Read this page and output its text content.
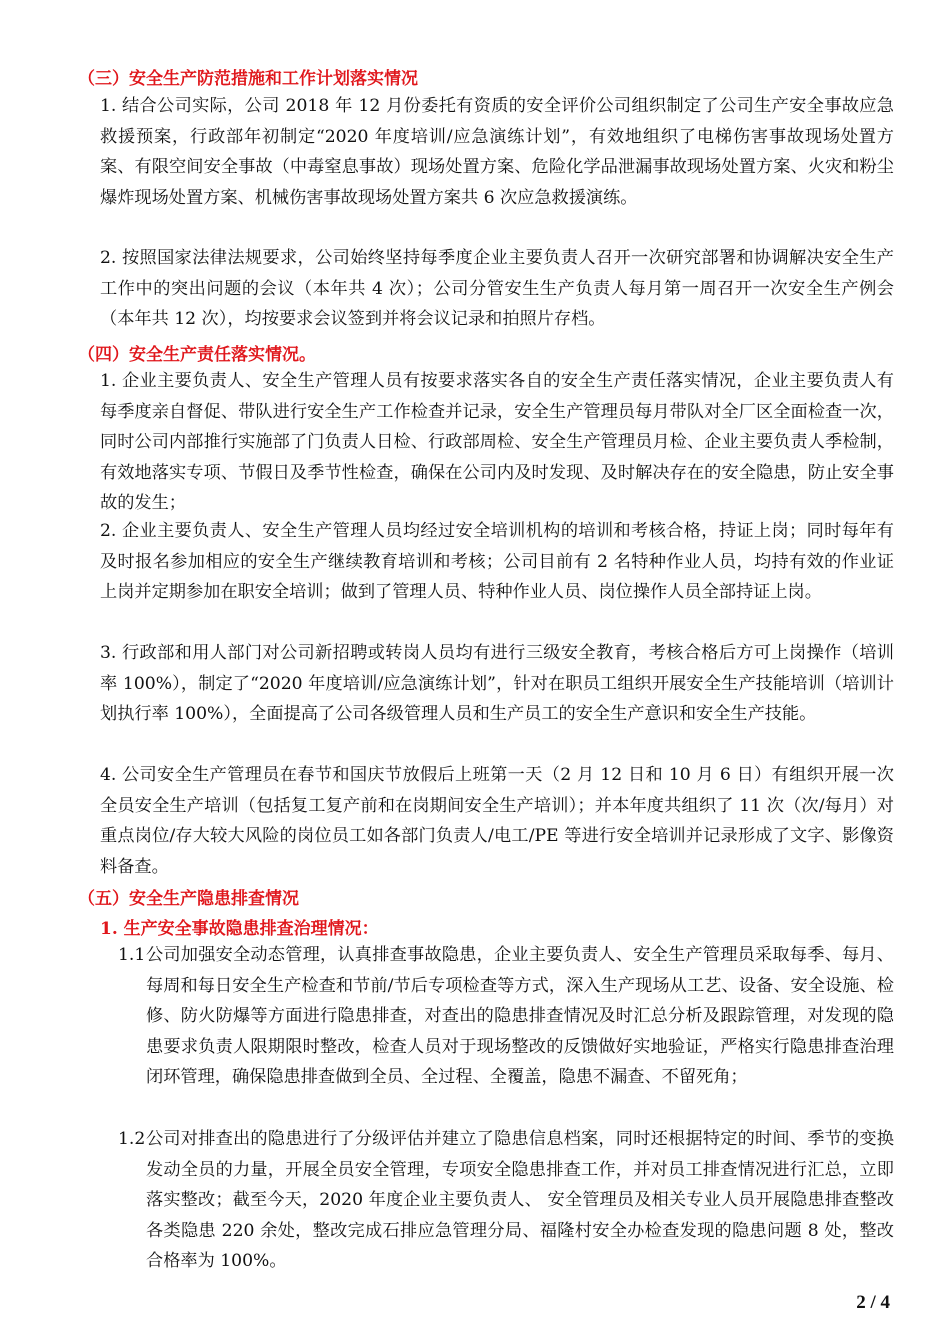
（三）安全生产防范措施和工作计划落实情况
1. 结合公司实际，公司 2018 年 12 月份委托有资质的安全评价公司组织制定了公司生产安全事故应急救援预案，行政部年初制定“2020 年度培训/应急演练计划”，有效地组织了电梯伤害事故现场处置方案、有限空间安全事故（中毒窒息事故）现场处置方案、危险化学品泄漏事故现场处置方案、火灾和粉尘爆炸现场处置方案、机械伤害事故现场处置方案共 6 次应急救援演练。
2. 按照国家法律法规要求，公司始终坚持每季度企业主要负责人召开一次研究部署和协调解决安全生产工作中的突出问题的会议（本年共 4 次）；公司分管安生生产负责人每月第一周召开一次安全生产例会（本年共 12 次），均按要求会议签到并将会议记录和拍照片存档。
（四）安全生产责任落实情况。
1. 企业主要负责人、安全生产管理人员有按要求落实各自的安全生产责任落实情况，企业主要负责人有每季度亲自督促、带队进行安全生产工作检查并记录，安全生产管理员每月带队对全厂区全面检查一次，同时公司内部推行实施部了门负责人日检、行政部周检、安全生产管理员月检、企业主要负责人季检制，有效地落实专项、节假日及季节性检查，确保在公司内及时发现、及时解决存在的安全隐患，防止安全事故的发生；
2. 企业主要负责人、安全生产管理人员均经过安全培训机构的培训和考核合格，持证上岗；同时每年有及时报名参加相应的安全生产继续教育培训和考核；公司目前有 2 名特种作业人员，均持有效的作业证上岗并定期参加在职安全培训；做到了管理人员、特种作业人员、岗位操作人员全部持证上岗。
3. 行政部和用人部门对公司新招聘或转岗人员均有进行三级安全教育，考核合格后方可上岗操作（培训率 100%），制定了“2020 年度培训/应急演练计划”，针对在职员工组织开展安全生产技能培训（培训计划执行率 100%），全面提高了公司各级管理人员和生产员工的安全生产意识和安全生产技能。
4. 公司安全生产管理员在春节和国庆节放假后上班第一天（2 月 12 日和 10 月 6 日）有组织开展一次全员安全生产培训（包括复工复产前和在岗期间安全生产培训）；并本年度共组织了 11 次（次/每月）对重点岗位/存大较大风险的岗位员工如各部门负责人/电工/PE 等进行安全培训并记录形成了文字、影像资料备查。
（五）安全生产隐患排查情况
1. 生产安全事故隐患排查治理情况：
1.1 公司加强安全动态管理，认真排查事故隐患，企业主要负责人、安全生产管理员采取每季、每月、每周和每日安全生产检查和节前/节后专项检查等方式，深入生产现场从工艺、设备、安全设施、检修、防火防爆等方面进行隐患排查，对查出的隐患排查情况及时汇总分析及跟踪管理，对发现的隐患要求负责人限期限时整改，检查人员对于现场整改的反馈做好实地验证，严格实行隐患排查治理闭环管理，确保隐患排查做到全员、全过程、全覆盖，隐患不漏查、不留死角；
1.2 公司对排查出的隐患进行了分级评估并建立了隐患信息档案，同时还根据特定的时间、季节的变换发动全员的力量，开展全员安全管理，专项安全隐患排查工作，并对员工排查情况进行汇总，立即落实整改；截至今天，2020 年度企业主要负责人、 安全管理员及相关专业人员开展隐患排查整改各类隐患 220 余处，整改完成石排应急管理分局、福隆村安全办检查发现的隐患问题 8 处，整改合格率为 100%。
2 / 4
